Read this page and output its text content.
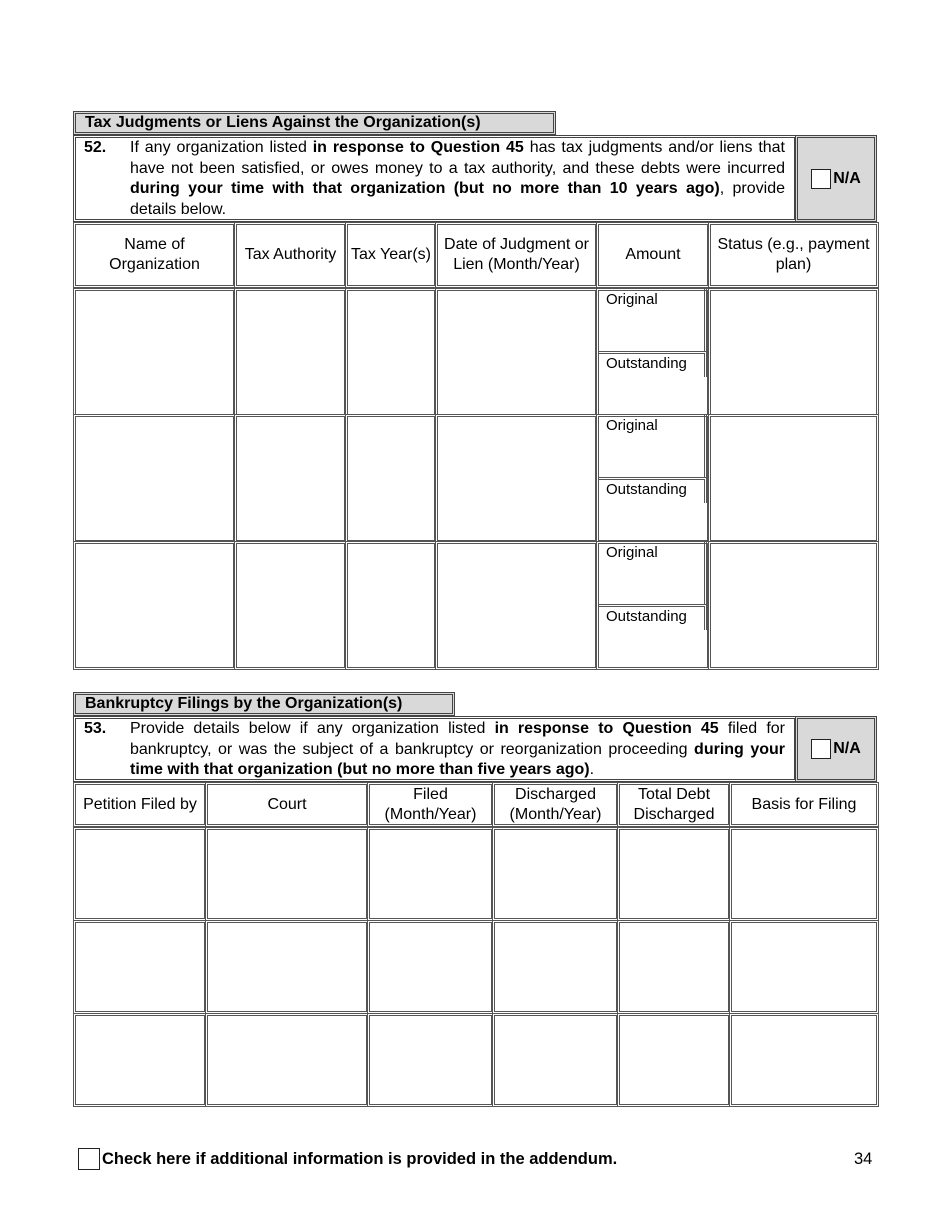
Tax Judgments or Liens Against the Organization(s)
52. If any organization listed in response to Question 45 has tax judgments and/or liens that have not been satisfied, or owes money to a tax authority, and these debts were incurred during your time with that organization (but no more than 10 years ago), provide details below.
N/A
Name of Organization
Tax Authority Tax Year(s)
Date of Judgment or Lien (Month/Year)
Amount
Status (e.g., payment plan)
Original
Outstanding
Original
Outstanding
Original
Outstanding
Bankruptcy Filings by the Organization(s)
53. Provide details below if any organization listed in response to Question 45 filed for bankruptcy, or was the subject of a bankruptcy or reorganization proceeding during your time with that organization (but no more than five years ago).
N/A
Petition Filed by	Court
Filed (Month/Year)
Discharged (Month/Year)
Total Debt Discharged
Basis for Filing
Check here if additional information is provided in the addendum.	34
